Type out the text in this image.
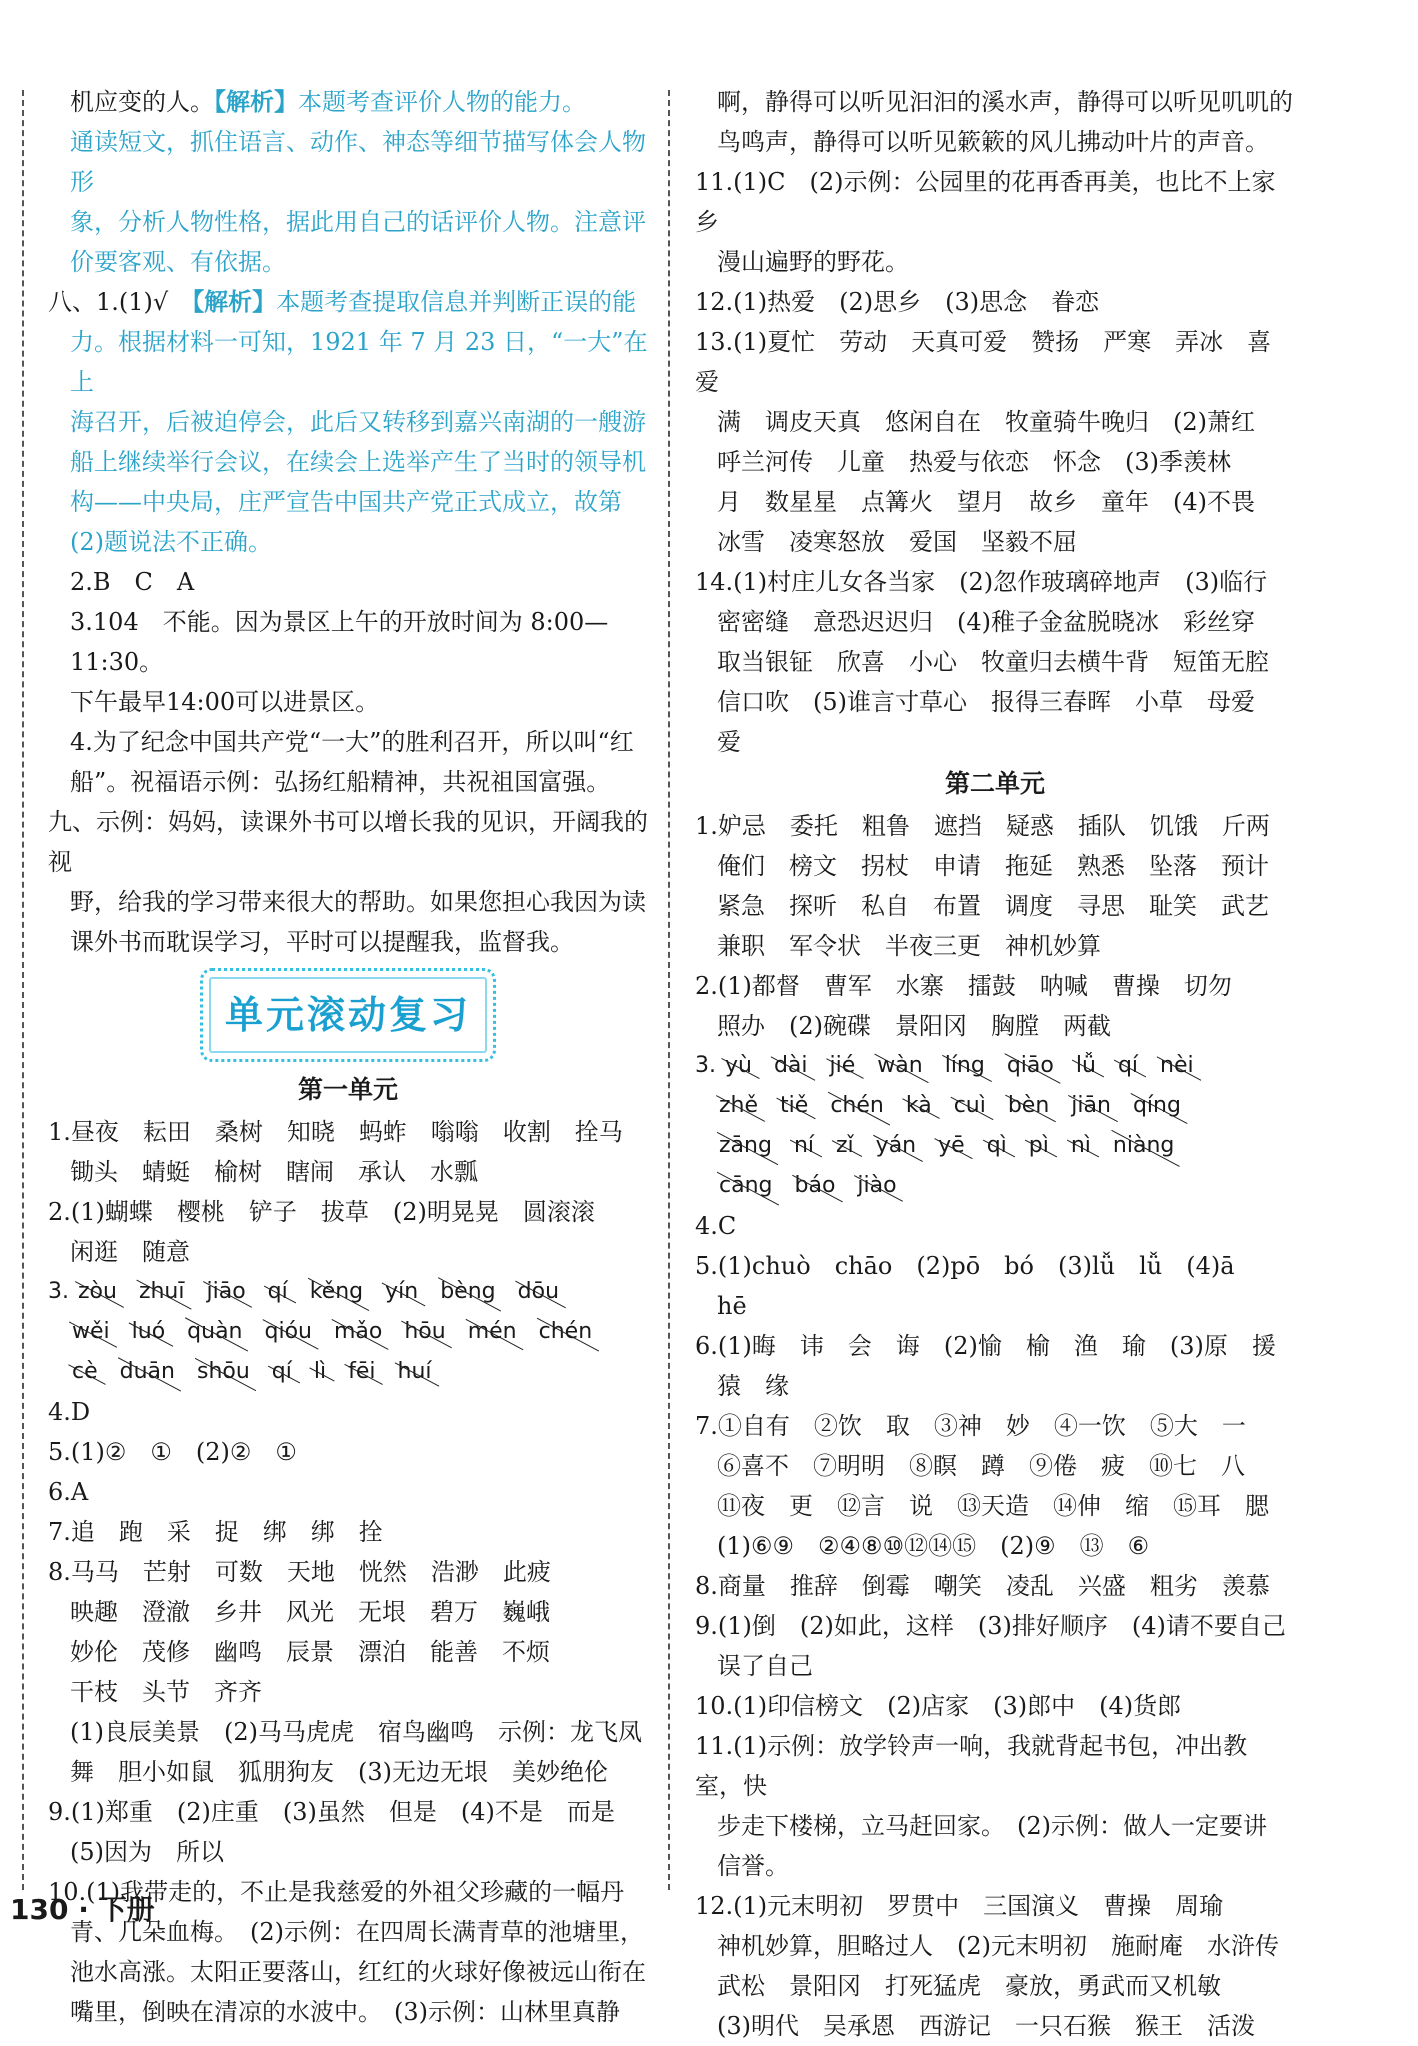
机应变的人。【解析】本题考查评价人物的能力。

通读短文，抓住语言、动作、神态等细节描写体会人物形

象，分析人物性格，据此用自己的话评价人物。注意评

价要客观、有依据。

八、1.(1)√　 【解析】本题考查提取信息并判断正误的能

力。根据材料一可知，1921 年 7 月 23 日，“一大”在上

海召开，后被迫停会，此后又转移到嘉兴南湖的一艘游

船上继续举行会议，在续会上选举产生了当时的领导机

构——中央局，庄严宣告中国共产党正式成立，故第

(2)题说法不正确。

2.B　C　A

3.104　不能。因为景区上午的开放时间为 8:00—11:30。

下午最早14:00可以进景区。

4.为了纪念中国共产党“一大”的胜利召开，所以叫“红

船”。祝福语示例：弘扬红船精神，共祝祖国富强。

九、示例：妈妈，读课外书可以增长我的见识，开阔我的视

野，给我的学习带来很大的帮助。如果您担心我因为读

课外书而耽误学习，平时可以提醒我，监督我。

单元滚动复习
第一单元

1.昼夜　耘田　桑树　知晓　蚂蚱　嗡嗡　收割　拴马

锄头　蜻蜓　榆树　瞎闹　承认　水瓢

2.(1)蝴蝶　樱桃　铲子　拔草　(2)明晃晃　圆滚滚

闲逛　随意

3. zòu zhuī jiāo qí kěng yín bèng dōu

wěi luó quàn qióu mǎo hōu mén chén

cè duān shōu qí lì fēi huí

4.D

5.(1)②　①　(2)②　①

6.A

7.追　跑　采　捉　绑　绑　拴

8.马马　芒射　可数　天地　恍然　浩渺　此疲

映趣　澄澈　乡井　风光　无垠　碧万　巍峨

妙伦　茂修　幽鸣　辰景　漂泊　能善　不烦

干枝　头节　齐齐

(1)良辰美景　(2)马马虎虎　宿鸟幽鸣　示例：龙飞凤

舞　胆小如鼠　狐朋狗友　(3)无边无垠　美妙绝伦

9.(1)郑重　(2)庄重　(3)虽然　但是　(4)不是　而是

(5)因为　所以

10.(1)我带走的，不止是我慈爱的外祖父珍藏的一幅丹

青、几朵血梅。　(2)示例：在四周长满青草的池塘里，

池水高涨。太阳正要落山，红红的火球好像被远山衔在

嘴里，倒映在清凉的水波中。　(3)示例：山林里真静

啊，静得可以听见汩汩的溪水声，静得可以听见叽叽的

鸟鸣声，静得可以听见簌簌的风儿拂动叶片的声音。

11.(1)C　(2)示例：公园里的花再香再美，也比不上家乡

漫山遍野的野花。

12.(1)热爱　(2)思乡　(3)思念　眷恋

13.(1)夏忙　劳动　天真可爱　赞扬　严寒　弄冰　喜爱

满　调皮天真　悠闲自在　牧童骑牛晚归　(2)萧红

呼兰河传　儿童　热爱与依恋　怀念　(3)季羡林

月　数星星　点篝火　望月　故乡　童年　(4)不畏

冰雪　凌寒怒放　爱国　坚毅不屈

14.(1)村庄儿女各当家　(2)忽作玻璃碎地声　(3)临行

密密缝　意恐迟迟归　(4)稚子金盆脱晓冰　彩丝穿

取当银钲　欣喜　小心　牧童归去横牛背　短笛无腔

信口吹　(5)谁言寸草心　报得三春晖　小草　母爱　爱

第二单元

1.妒忌　委托　粗鲁　遮挡　疑惑　插队　饥饿　斤两

俺们　榜文　拐杖　申请　拖延　熟悉　坠落　预计

紧急　探听　私自　布置　调度　寻思　耻笑　武艺

兼职　军令状　半夜三更　神机妙算

2.(1)都督　曹军　水寨　擂鼓　呐喊　曹操　切勿

照办　(2)碗碟　景阳冈　胸膛　两截

3. yù dài jié wàn líng qiāo lǚ qí nèi

zhě tiě chén kà cuì bèn jiān qíng

zāng ní zǐ yán yē qì pì nì niàng

cāng báo jiào

4.C

5.(1)chuò　chāo　(2)pō　bó　(3)lǚ　lǚ　(4)ā

hē

6.(1)晦　讳　会　诲　(2)愉　榆　渔　瑜　(3)原　援

猿　缘

7.①自有　②饮　取　③神　妙　④一饮　⑤大　一

⑥喜不　⑦明明　⑧瞑　蹲　⑨倦　疲　⑩七　八

⑪夜　更　⑫言　说　⑬天造　⑭伸　缩　⑮耳　腮

(1)⑥⑨　②④⑧⑩⑫⑭⑮　(2)⑨　⑬　⑥

8.商量　推辞　倒霉　嘲笑　凌乱　兴盛　粗劣　羡慕

9.(1)倒　(2)如此，这样　(3)排好顺序　(4)请不要自己

误了自己

10.(1)印信榜文　(2)店家　(3)郎中　(4)货郎

11.(1)示例：放学铃声一响，我就背起书包，冲出教室，快

步走下楼梯，立马赶回家。　(2)示例：做人一定要讲

信誉。

12.(1)元末明初　罗贯中　三国演义　曹操　周瑜

神机妙算，胆略过人　(2)元末明初　施耐庵　水浒传

武松　景阳冈　打死猛虎　豪放，勇武而又机敏

(3)明代　吴承恩　西游记　一只石猴　猴王　活泼

130 · 下册
